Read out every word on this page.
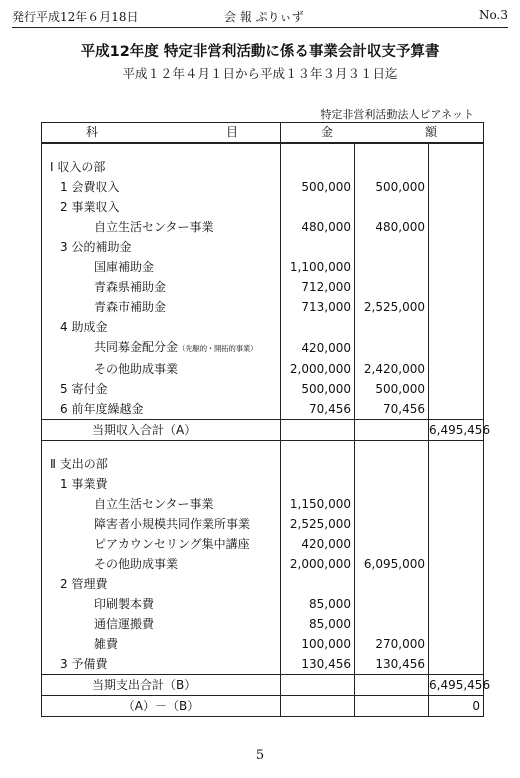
発行平成12年６月18日	会 報 ぷりぃず	No.3
平成12年度 特定非営利活動に係る事業会計収支予算書
平成１２年４月１日から平成１３年３月３１日迄
特定非営利活動法人ピアネット
科 目	金 額		

Ⅰ 収入の部			
1 会費収入	500,000	500,000	
2 事業収入			
自立生活センター事業	480,000	480,000	
3 公的補助金			
国庫補助金	1,100,000		
青森県補助金	712,000		
青森市補助金	713,000	2,525,000	
4 助成金			
共同募金配分金（先駆的・開拓的事業）	420,000		
その他助成事業	2,000,000	2,420,000	
5 寄付金	500,000	500,000	
6 前年度繰越金	70,456	70,456	
当期収入合計（A）			6,495,456

Ⅱ 支出の部			
1 事業費			
自立生活センター事業	1,150,000		
障害者小規模共同作業所事業	2,525,000		
ピアカウンセリング集中講座	420,000		
その他助成事業	2,000,000	6,095,000	
2 管理費			
印刷製本費	85,000		
通信運搬費	85,000		
雑費	100,000	270,000	
3 予備費	130,456	130,456	
当期支出合計（B）			6,495,456
（A）－（B）			0
5
